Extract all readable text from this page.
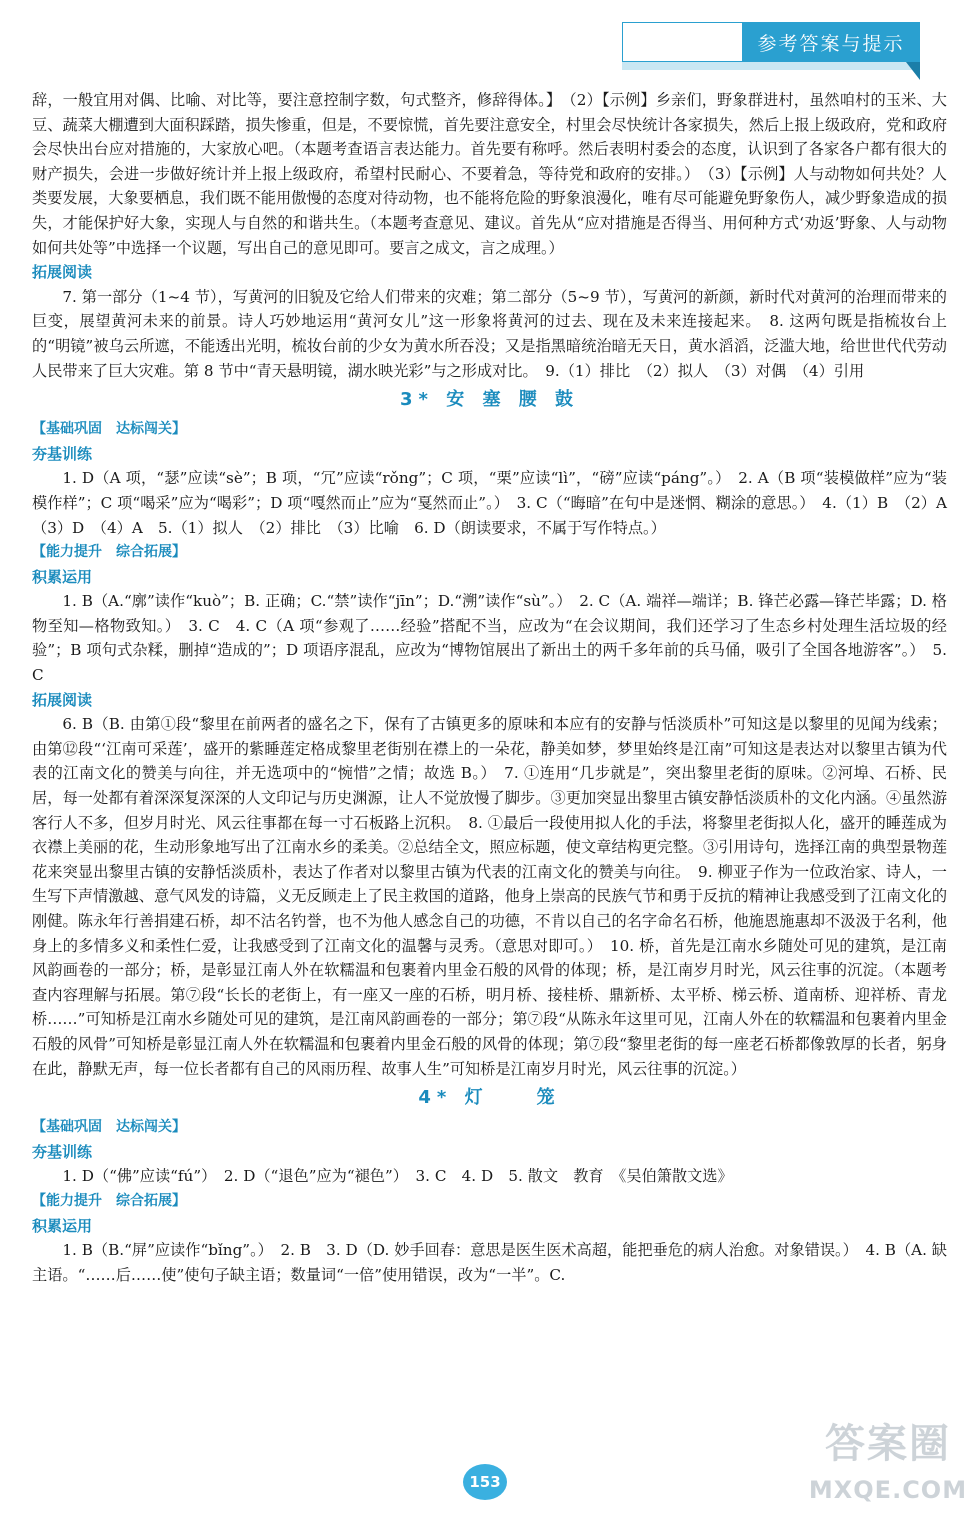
参考答案与提示

辞，一般宜用对偶、比喻、对比等，要注意控制字数，句式整齐，修辞得体。】　（2）【示例】乡亲们，野象群进村，虽然咱村的玉米、大豆、蔬菜大棚遭到大面积踩踏，损失惨重，但是，不要惊慌，首先要注意安全，村里会尽快统计各家损失，然后上报上级政府，党和政府会尽快出台应对措施的，大家放心吧。（本题考查语言表达能力。首先要有称呼。然后表明村委会的态度，认识到了各家各户都有很大的财产损失，会进一步做好统计并上报上级政府，希望村民耐心、不要着急，等待党和政府的安排。）　（3）【示例】人与动物如何共处？人类要发展，大象要栖息，我们既不能用傲慢的态度对待动物，也不能将危险的野象浪漫化，唯有尽可能避免野象伤人，减少野象造成的损失，才能保护好大象，实现人与自然的和谐共生。（本题考查意见、建议。首先从“应对措施是否得当、用何种方式‘劝返’野象、人与动物如何共处等”中选择一个议题，写出自己的意见即可。要言之成文，言之成理。）

拓展阅读

7. 第一部分（1~4 节），写黄河的旧貌及它给人们带来的灾难；第二部分（5~9 节），写黄河的新颜，新时代对黄河的治理而带来的巨变，展望黄河未来的前景。诗人巧妙地运用“黄河女儿”这一形象将黄河的过去、现在及未来连接起来。　8. 这两句既是指梳妆台上的“明镜”被乌云所遮，不能透出光明，梳妆台前的少女为黄水所吞没；又是指黑暗统治暗无天日，黄水滔滔，泛滥大地，给世世代代劳动人民带来了巨大灾难。第 8 节中“青天悬明镜，湖水映光彩”与之形成对比。　9.（1）排比　（2）拟人　（3）对偶　（4）引用

3* 安 塞 腰 鼓

【基础巩固　达标闯关】

夯基训练

1. D（A 项，“瑟”应读“sè”；B 项，“冗”应读“rǒng”；C 项，“栗”应读“lì”，“磅”应读“páng”。）　2. A（B 项“装模做样”应为“装模作样”；C 项“喝采”应为“喝彩”；D 项“嘎然而止”应为“戛然而止”。）　3. C（“晦暗”在句中是迷惘、糊涂的意思。）　4.（1）B　（2）A　（3）D　（4）A　5.（1）拟人　（2）排比　（3）比喻　6. D（朗读要求，不属于写作特点。）

【能力提升　综合拓展】

积累运用

1. B（A.“廓”读作“kuò”；B. 正确；C.“禁”读作“jīn”；D.“溯”读作“sù”。）　2. C（A. 端祥—端详；B. 锋芒必露—锋芒毕露；D. 格物至知—格物致知。）　3. C　4. C（A 项“参观了……经验”搭配不当，应改为“在会议期间，我们还学习了生态乡村处理生活垃圾的经验”；B 项句式杂糅，删掉“造成的”；D 项语序混乱，应改为“博物馆展出了新出土的两千多年前的兵马俑，吸引了全国各地游客”。）　5. C

拓展阅读

6. B（B. 由第①段“黎里在前两者的盛名之下，保有了古镇更多的原味和本应有的安静与恬淡质朴”可知这是以黎里的见闻为线索；由第⑫段“‘江南可采莲’，盛开的紫睡莲定格成黎里老街别在襟上的一朵花，静美如梦，梦里始终是江南”可知这是表达对以黎里古镇为代表的江南文化的赞美与向往，并无选项中的“惋惜”之情；故选 B。）　7. ①连用“几步就是”，突出黎里老街的原味。②河埠、石桥、民居，每一处都有着深深复深深的人文印记与历史渊源，让人不觉放慢了脚步。③更加突显出黎里古镇安静恬淡质朴的文化内涵。④虽然游客行人不多，但岁月时光、风云往事都在每一寸石板路上沉积。　8. ①最后一段使用拟人化的手法，将黎里老街拟人化，盛开的睡莲成为衣襟上美丽的花，生动形象地写出了江南水乡的柔美。②总结全文，照应标题，使文章结构更完整。③引用诗句，选择江南的典型景物莲花来突显出黎里古镇的安静恬淡质朴，表达了作者对以黎里古镇为代表的江南文化的赞美与向往。　9. 柳亚子作为一位政治家、诗人，一生写下声情激越、意气风发的诗篇，义无反顾走上了民主救国的道路，他身上崇高的民族气节和勇于反抗的精神让我感受到了江南文化的刚健。陈永年行善捐建石桥，却不沽名钓誉，也不为他人感念自己的功德，不肯以自己的名字命名石桥，他施恩施惠却不汲汲于名利，他身上的多情多义和柔性仁爱，让我感受到了江南文化的温馨与灵秀。（意思对即可。）　10. 桥，首先是江南水乡随处可见的建筑，是江南风韵画卷的一部分；桥，是彰显江南人外在软糯温和包裹着内里金石般的风骨的体现；桥，是江南岁月时光，风云往事的沉淀。（本题考查内容理解与拓展。第⑦段“长长的老街上，有一座又一座的石桥，明月桥、接桂桥、鼎新桥、太平桥、梯云桥、道南桥、迎祥桥、青龙桥……”可知桥是江南水乡随处可见的建筑，是江南风韵画卷的一部分；第⑦段“从陈永年这里可见，江南人外在的软糯温和包裹着内里金石般的风骨”可知桥是彰显江南人外在软糯温和包裹着内里金石般的风骨的体现；第⑦段“黎里老街的每一座老石桥都像敦厚的长者，躬身在此，静默无声，每一位长者都有自己的风雨历程、故事人生”可知桥是江南岁月时光，风云往事的沉淀。）

4* 灯　　笼

【基础巩固　达标闯关】

夯基训练

1. D（“佛”应读“fú”）　2. D（“退色”应为“褪色”）　3. C　4. D　5. 散文　教育　《吴伯箫散文选》

【能力提升　综合拓展】

积累运用

1. B（B.“屏”应读作“bǐng”。）　2. B　3. D（D. 妙手回春：意思是医生医术高超，能把垂危的病人治愈。对象错误。）　4. B（A. 缺主语。“……后……使”使句子缺主语；数量词“一倍”使用错误，改为“一半”。C.

153
答案圈
MXQE.COM
